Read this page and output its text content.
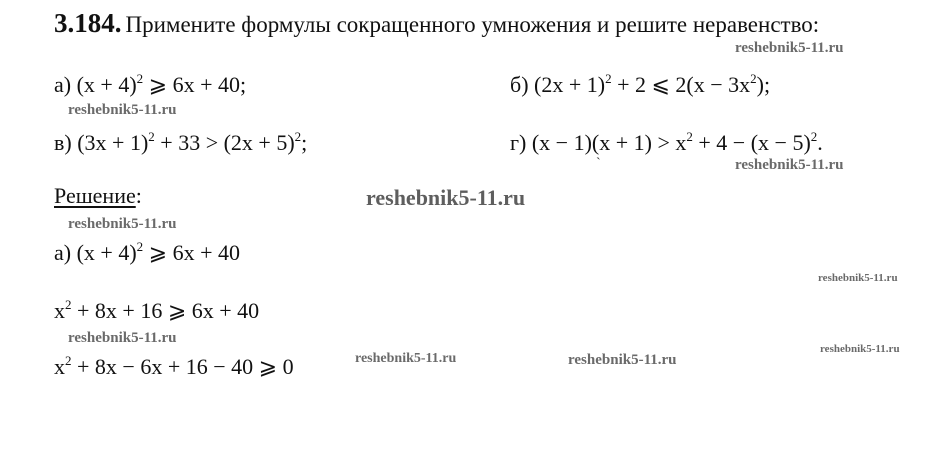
3.184. Примените формулы сокращенного умножения и решите неравенство:
reshebnik5-11.ru
а) $(x + 4)^2$ ⩾ 6x + 40;	б) $(2x + 1)^2 + 2$ ⩽ $2(x - 3x^2)$;
reshebnik5-11.ru
в) $(3x + 1)^2 + 33 > (2x + 5)^2$;	г) $(x - 1)(x + 1) > x^2 + 4 - (x - 5)^2$.
ˋ	reshebnik5-11.ru
Решение:	reshebnik5-11.ru
reshebnik5-11.ru
а) $(x + 4)^2$ ⩾ 6x + 40
reshebnik5-11.ru
$x^2 + 8x + 16$ ⩾ 6x + 40
reshebnik5-11.ru
reshebnik5-11.ru
$x^2 + 8x - 6x + 16 - 40$ ⩾ 0	reshebnik5-11.ru	reshebnik5-11.ru
